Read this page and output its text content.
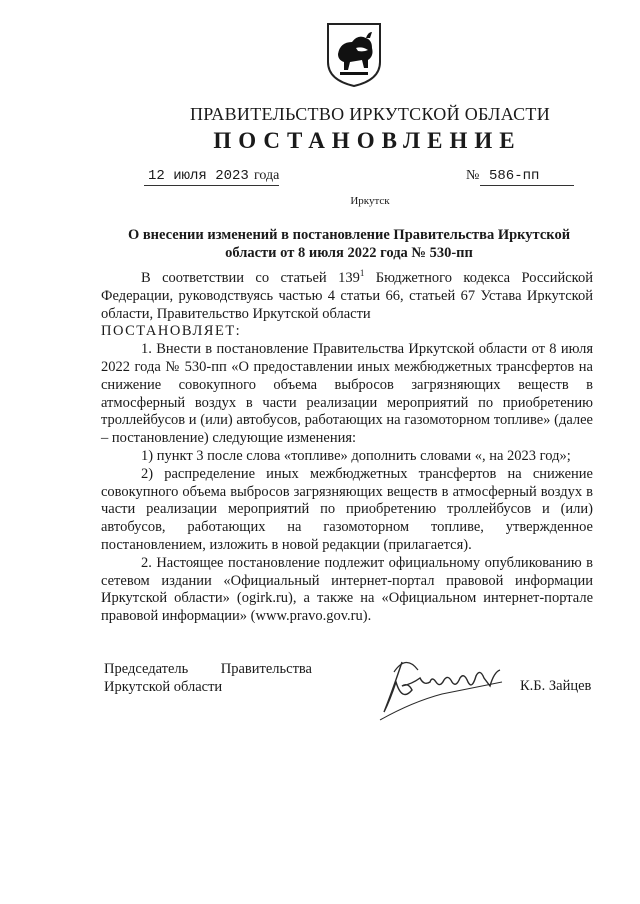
ПРАВИТЕЛЬСТВО ИРКУТСКОЙ ОБЛАСТИ
ПОСТАНОВЛЕНИЕ
12 июля 2023 года	№ 586-пп
Иркутск
О внесении изменений в постановление Правительства Иркутской
области от 8 июля 2022 года № 530-пп

В соответствии со статьей $139^1$ Бюджетного кодекса Российской Федерации, руководствуясь частью 4 статьи 66, статьей 67 Устава Иркутской области, Правительство Иркутской области

ПОСТАНОВЛЯЕТ:

1. Внести в постановление Правительства Иркутской области от 8 июля 2022 года № 530-пп «О предоставлении иных межбюджетных трансфертов на снижение совокупного объема выбросов загрязняющих веществ в атмосферный воздух в части реализации мероприятий по приобретению троллейбусов и (или) автобусов, работающих на газомоторном топливе» (далее – постановление) следующие изменения:

1) пункт 3 после слова «топливе» дополнить словами «, на 2023 год»;

2) распределение иных межбюджетных трансфертов на снижение совокупного объема выбросов загрязняющих веществ в атмосферный воздух в части реализации мероприятий по приобретению троллейбусов и (или) автобусов, работающих на газомоторном топливе, утвержденное постановлением, изложить в новой редакции (прилагается).

2. Настоящее постановление подлежит официальному опубликованию в сетевом издании «Официальный интернет-портал правовой информации Иркутской области» (ogirk.ru), а также на «Официальном интернет-портале правовой информации» (www.pravo.gov.ru).

Председатель Правительства
Иркутской области	К.Б. Зайцев
